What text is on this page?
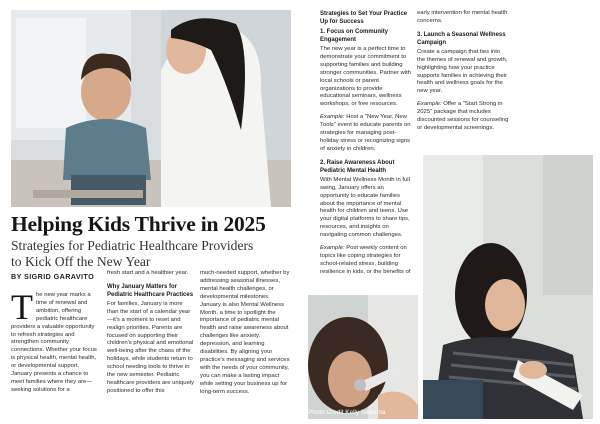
Helping Kids Thrive in 2025
Strategies for Pediatric Healthcare Providers
to Kick Off the New Year
BY SIGRID GARAVITO

The new year marks a time of renewal and ambition, offering pediatric healthcare providers a valuable opportunity to refresh strategies and strengthen community connections. Whether your focus is physical health, mental health, or developmental support, January presents a chance to meet families where they are—seeking solutions for a

fresh start and a healthier year.

Why January Matters for Pediatric Healthcare Practices

For families, January is more than the start of a calendar year—it's a moment to reset and realign priorities. Parents are focused on supporting their children's physical and emotional well-being after the chaos of the holidays, while students return to school needing tools to thrive in the new semester. Pediatric healthcare providers are uniquely positioned to offer this

much-needed support, whether by addressing seasonal illnesses, mental health challenges, or developmental milestones. January is also Mental Wellness Month, a time to spotlight the importance of pediatric mental health and raise awareness about challenges like anxiety, depression, and learning disabilities. By aligning your practice's messaging and services with the needs of your community, you can make a lasting impact while setting your business up for long-term success.

Strategies to Set Your Practice Up for Success
1. Focus on Community Engagement

The new year is a perfect time to demonstrate your commitment to supporting families and building stronger communities. Partner with local schools or parent organizations to provide educational seminars, wellness workshops, or free resources.

Example: Host a "New Year, New Tools" event to educate parents on strategies for managing post-holiday stress or recognizing signs of anxiety in children.

2. Raise Awareness About Pediatric Mental Health

With Mental Wellness Month in full swing, January offers an opportunity to educate families about the importance of mental health for children and teens. Use your digital platforms to share tips, resources, and insights on navigating common challenges.

Example: Post weekly content on topics like coping strategies for school-related stress, building resilience in kids, or the benefits of

early intervention for mental health concerns.

3. Launch a Seasonal Wellness Campaign

Create a campaign that ties into the themes of renewal and growth, highlighting how your practice supports families in achieving their health and wellness goals for the new year.

Example: Offer a "Start Strong in 2025" package that includes discounted sessions for counseling or developmental screenings.

Photo Credit Kelly Sikkema
